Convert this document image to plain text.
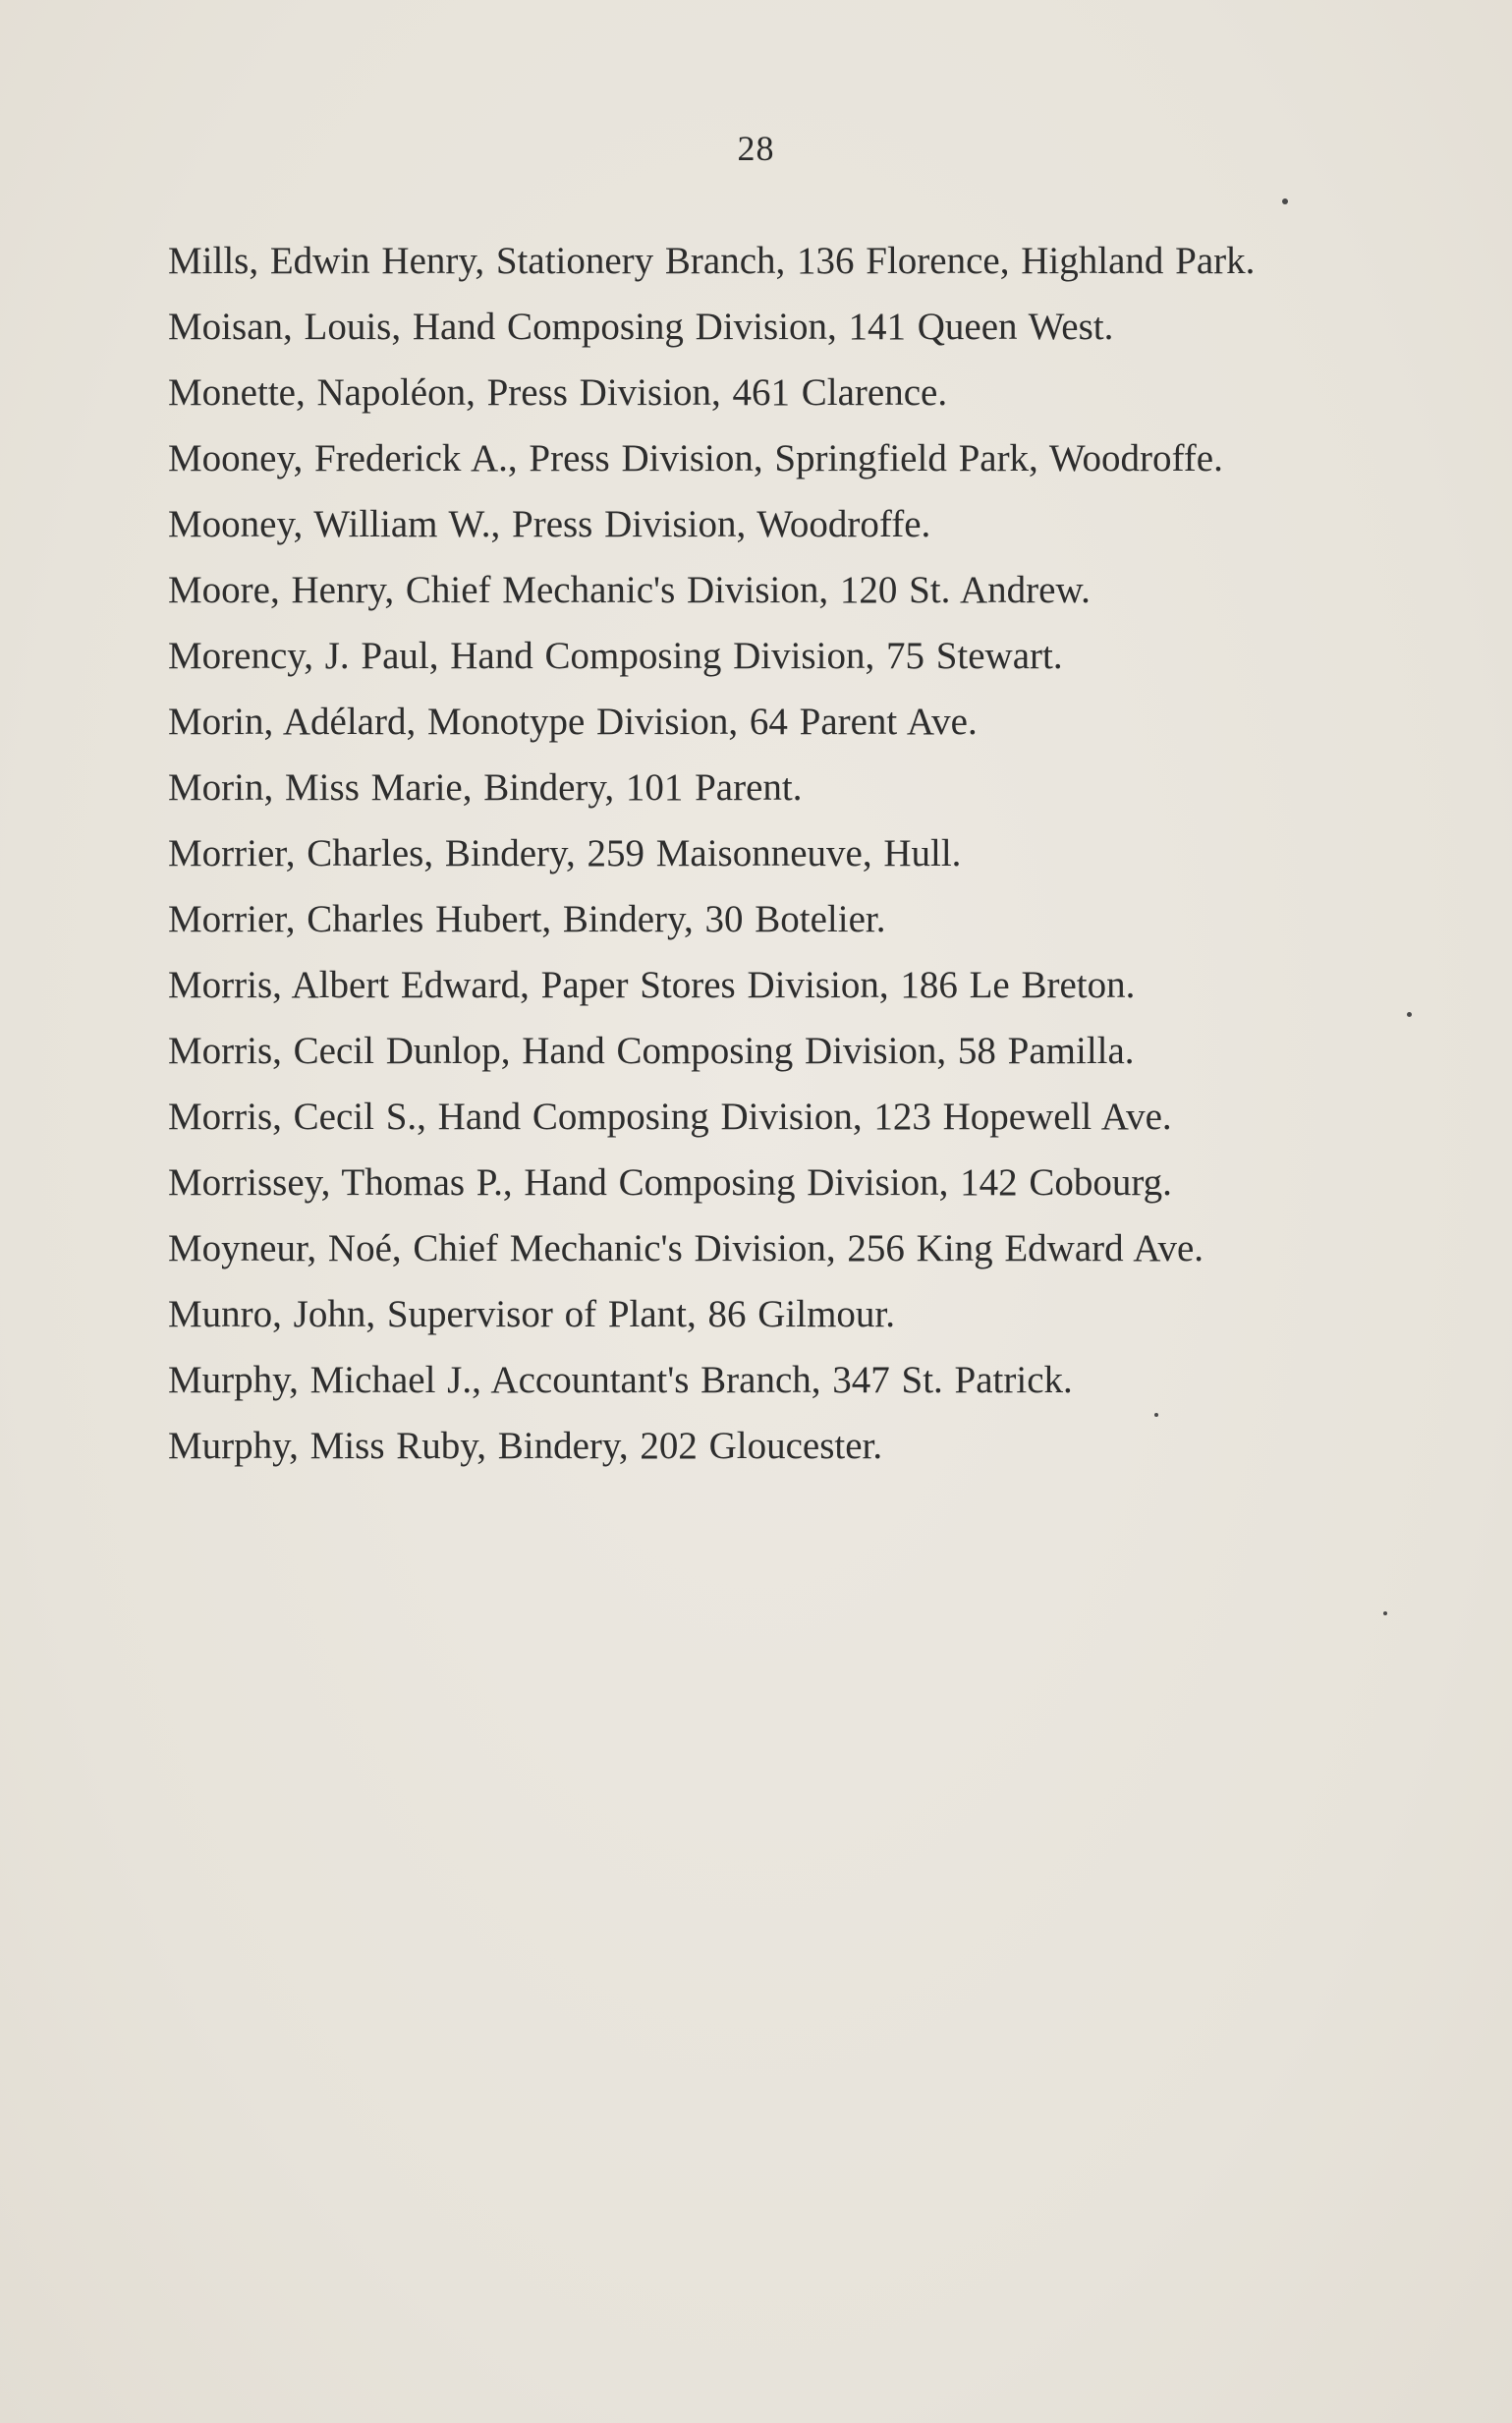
28
Mills, Edwin Henry, Stationery Branch, 136 Florence, Highland Park.
Moisan, Louis, Hand Composing Division, 141 Queen West.
Monette, Napoléon, Press Division, 461 Clarence.
Mooney, Frederick A., Press Division, Springfield Park, Woodroffe.
Mooney, William W., Press Division, Woodroffe.
Moore, Henry, Chief Mechanic's Division, 120 St. Andrew.
Morency, J. Paul, Hand Composing Division, 75 Stewart.
Morin, Adélard, Monotype Division, 64 Parent Ave.
Morin, Miss Marie, Bindery, 101 Parent.
Morrier, Charles, Bindery, 259 Maisonneuve, Hull.
Morrier, Charles Hubert, Bindery, 30 Botelier.
Morris, Albert Edward, Paper Stores Division, 186 Le Breton.
Morris, Cecil Dunlop, Hand Composing Division, 58 Pamilla.
Morris, Cecil S., Hand Composing Division, 123 Hopewell Ave.
Morrissey, Thomas P., Hand Composing Division, 142 Cobourg.
Moyneur, Noé, Chief Mechanic's Division, 256 King Edward Ave.
Munro, John, Supervisor of Plant, 86 Gilmour.
Murphy, Michael J., Accountant's Branch, 347 St. Patrick.
Murphy, Miss Ruby, Bindery, 202 Gloucester.
